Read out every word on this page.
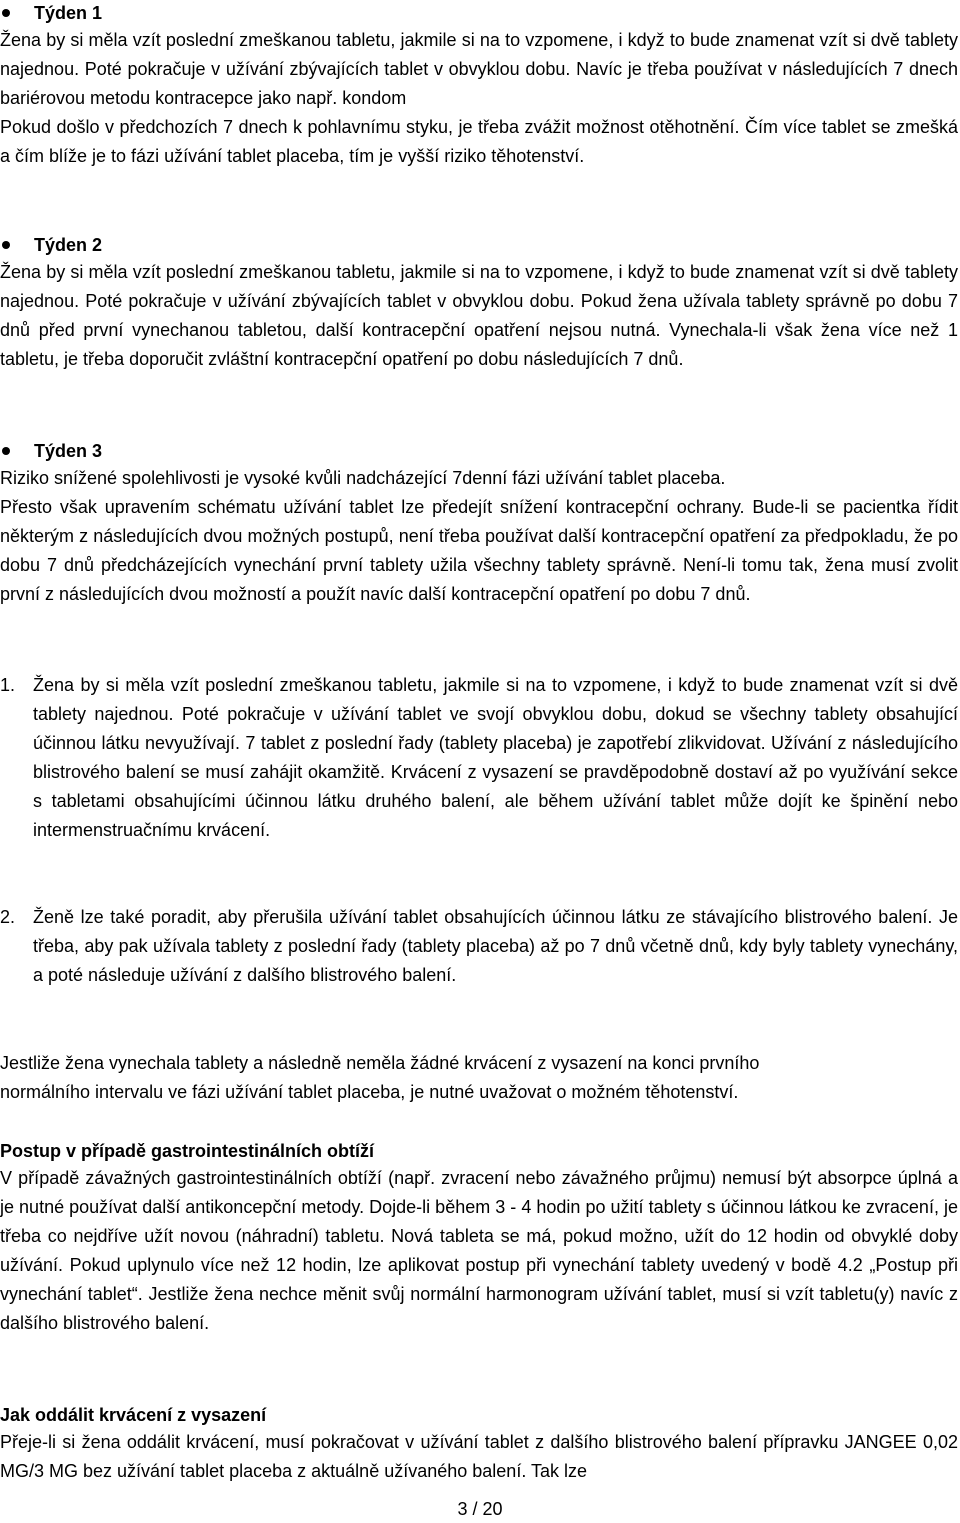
Týden 1

Žena by si měla vzít poslední zmeškanou tabletu, jakmile si na to vzpomene, i když to bude znamenat vzít si dvě tablety najednou. Poté pokračuje v užívání zbývajících tablet v obvyklou dobu. Navíc je třeba používat v následujících 7 dnech bariérovou metodu kontracepce jako např. kondom

Pokud došlo v předchozích 7 dnech k pohlavnímu styku, je třeba zvážit možnost otěhotnění. Čím více tablet se zmešká a čím blíže je to fázi užívání tablet placeba, tím je vyšší riziko těhotenství.

Týden 2

Žena by si měla vzít poslední zmeškanou tabletu, jakmile si na to vzpomene, i když to bude znamenat vzít si dvě tablety najednou. Poté pokračuje v užívání zbývajících tablet v obvyklou dobu. Pokud žena užívala tablety správně po dobu 7 dnů před první vynechanou tabletou, další kontracepční opatření nejsou nutná. Vynechala-li však žena více než 1 tabletu, je třeba doporučit zvláštní kontracepční opatření po dobu následujících 7 dnů.

Týden 3

Riziko snížené spolehlivosti je vysoké kvůli nadcházející 7denní fázi užívání tablet placeba.

Přesto však upravením schématu užívání tablet lze předejít snížení kontracepční ochrany. Bude-li se pacientka řídit některým z následujících dvou možných postupů, není třeba používat další kontracepční opatření za předpokladu, že po dobu 7 dnů předcházejících vynechání první tablety užila všechny tablety správně. Není-li tomu tak, žena musí zvolit první z následujících dvou možností a použít navíc další kontracepční opatření po dobu 7 dnů.

1. Žena by si měla vzít poslední zmeškanou tabletu, jakmile si na to vzpomene, i když to bude znamenat vzít si dvě tablety najednou. Poté pokračuje v užívání tablet ve svojí obvyklou dobu, dokud se všechny tablety obsahující účinnou látku nevyužívají. 7 tablet z poslední řady (tablety placeba) je zapotřebí zlikvidovat. Užívání z následujícího blistrového balení se musí zahájit okamžitě. Krvácení z vysazení se pravděpodobně dostaví až po využívání sekce s tabletami obsahujícími účinnou látku druhého balení, ale během užívání tablet může dojít ke špinění nebo intermenstruačnímu krvácení.

2. Ženě lze také poradit, aby přerušila užívání tablet obsahujících účinnou látku ze stávajícího blistrového balení. Je třeba, aby pak užívala tablety z poslední řady (tablety placeba) až po 7 dnů včetně dnů, kdy byly tablety vynechány, a poté následuje užívání z dalšího blistrového balení.

Jestliže žena vynechala tablety a následně neměla žádné krvácení z vysazení na konci prvního

normálního intervalu ve fázi užívání tablet placeba, je nutné uvažovat o možném těhotenství.

Postup v případě gastrointestinálních obtíží

V případě závažných gastrointestinálních obtíží (např. zvracení nebo závažného průjmu) nemusí být absorpce úplná a je nutné používat další antikoncepční metody. Dojde-li během 3 - 4 hodin po užití tablety s účinnou látkou ke zvracení, je třeba co nejdříve užít novou (náhradní) tabletu. Nová tableta se má, pokud možno, užít do 12 hodin od obvyklé doby užívání. Pokud uplynulo více než 12 hodin, lze aplikovat postup při vynechání tablety uvedený v bodě 4.2 „Postup při vynechání tablet“. Jestliže žena nechce měnit svůj normální harmonogram užívání tablet, musí si vzít tabletu(y) navíc z dalšího blistrového balení.

Jak oddálit krvácení z vysazení

Přeje-li si žena oddálit krvácení, musí pokračovat v užívání tablet z dalšího blistrového balení přípravku JANGEE 0,02 MG/3 MG bez užívání tablet placeba z aktuálně užívaného balení. Tak lze

3 / 20
